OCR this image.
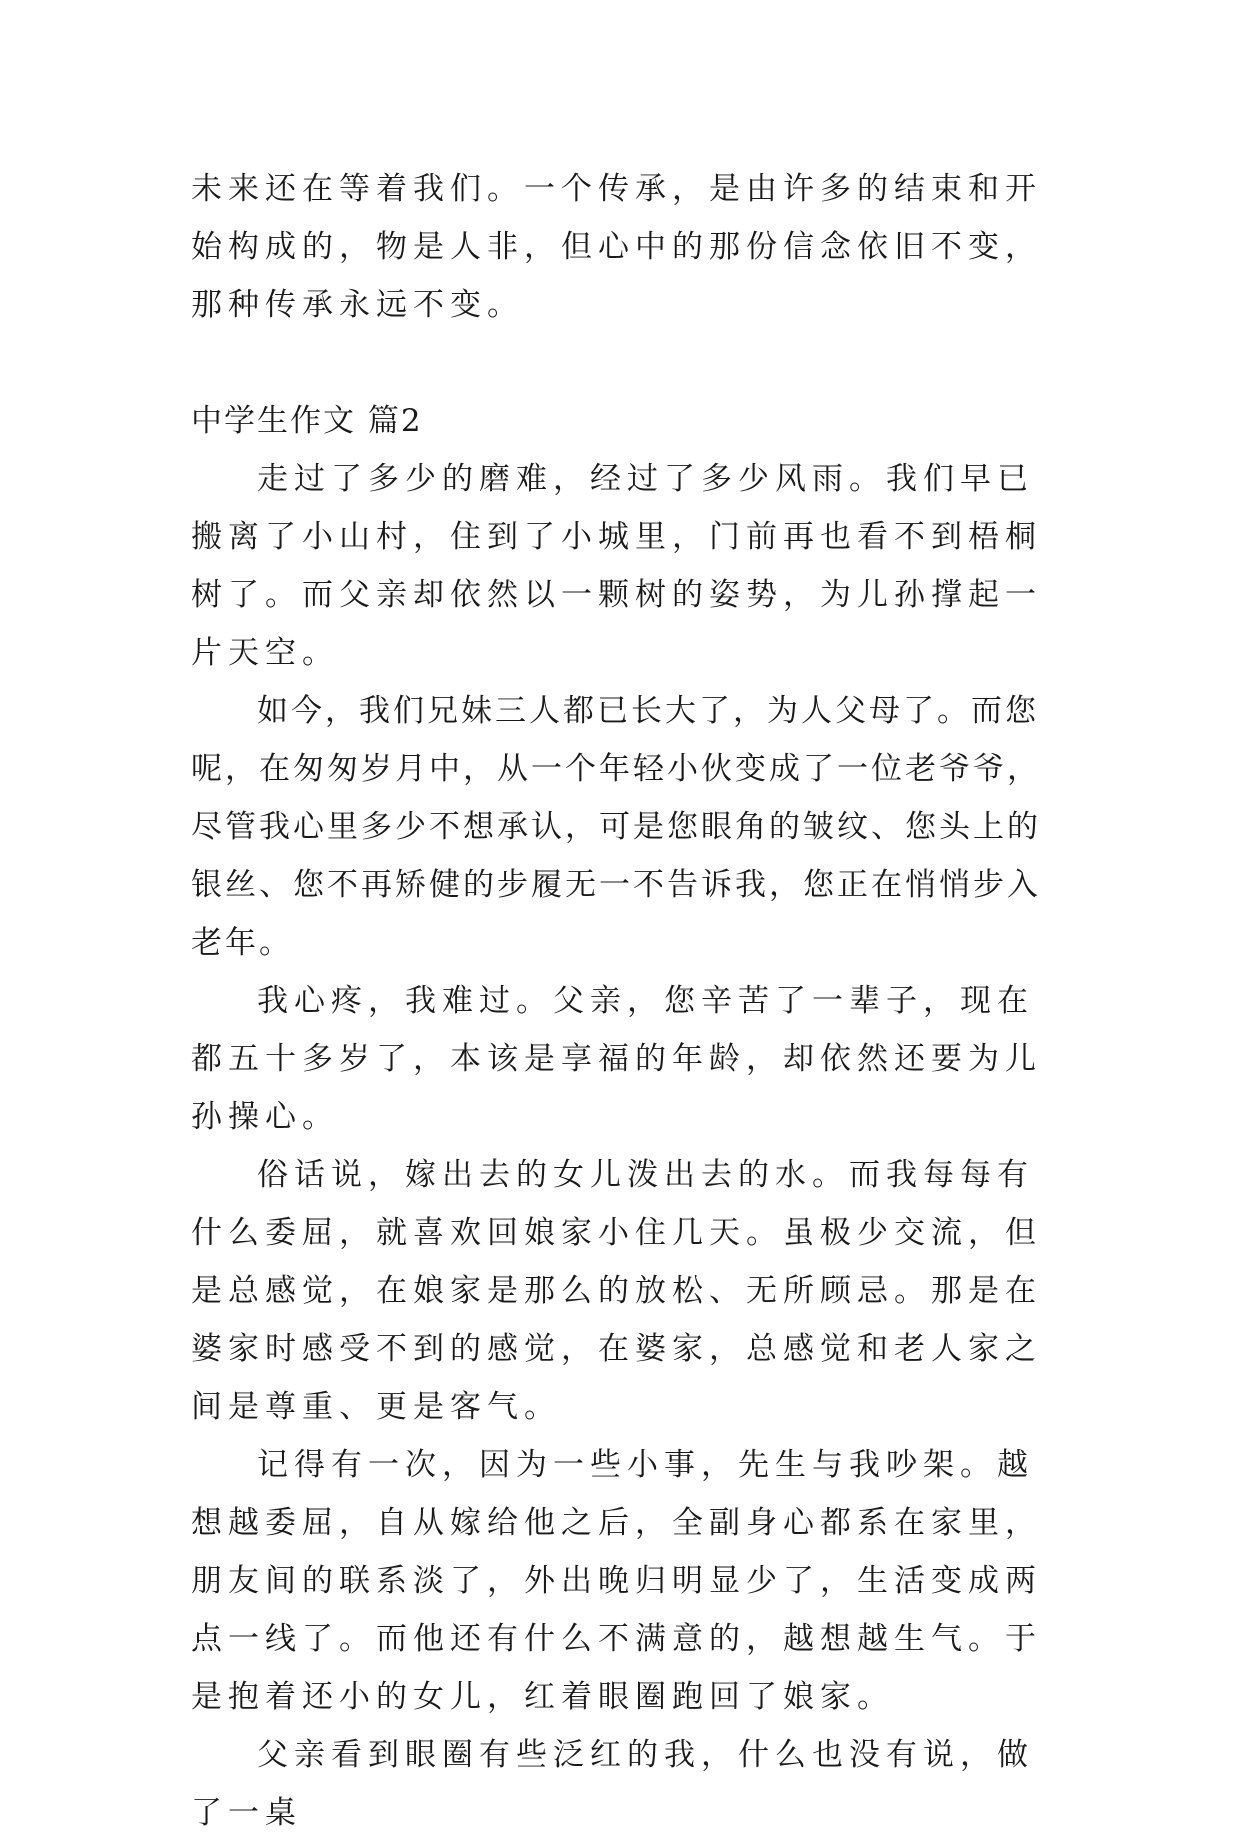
未来还在等着我们。一个传承，是由许多的结束和开始构成的，物是人非，但心中的那份信念依旧不变，那种传承永远不变。

中学生作文 篇2

走过了多少的磨难，经过了多少风雨。我们早已搬离了小山村，住到了小城里，门前再也看不到梧桐树了。而父亲却依然以一颗树的姿势，为儿孙撑起一片天空。

如今，我们兄妹三人都已长大了，为人父母了。而您呢，在匆匆岁月中，从一个年轻小伙变成了一位老爷爷，尽管我心里多少不想承认，可是您眼角的皱纹、您头上的银丝、您不再矫健的步履无一不告诉我，您正在悄悄步入老年。

我心疼，我难过。父亲，您辛苦了一辈子，现在都五十多岁了，本该是享福的年龄，却依然还要为儿孙操心。

俗话说，嫁出去的女儿泼出去的水。而我每每有什么委屈，就喜欢回娘家小住几天。虽极少交流，但是总感觉，在娘家是那么的放松、无所顾忌。那是在婆家时感受不到的感觉，在婆家，总感觉和老人家之间是尊重、更是客气。

记得有一次，因为一些小事，先生与我吵架。越想越委屈，自从嫁给他之后，全副身心都系在家里，朋友间的联系淡了，外出晚归明显少了，生活变成两点一线了。而他还有什么不满意的，越想越生气。于是抱着还小的女儿，红着眼圈跑回了娘家。

父亲看到眼圈有些泛红的我，什么也没有说，做了一桌
